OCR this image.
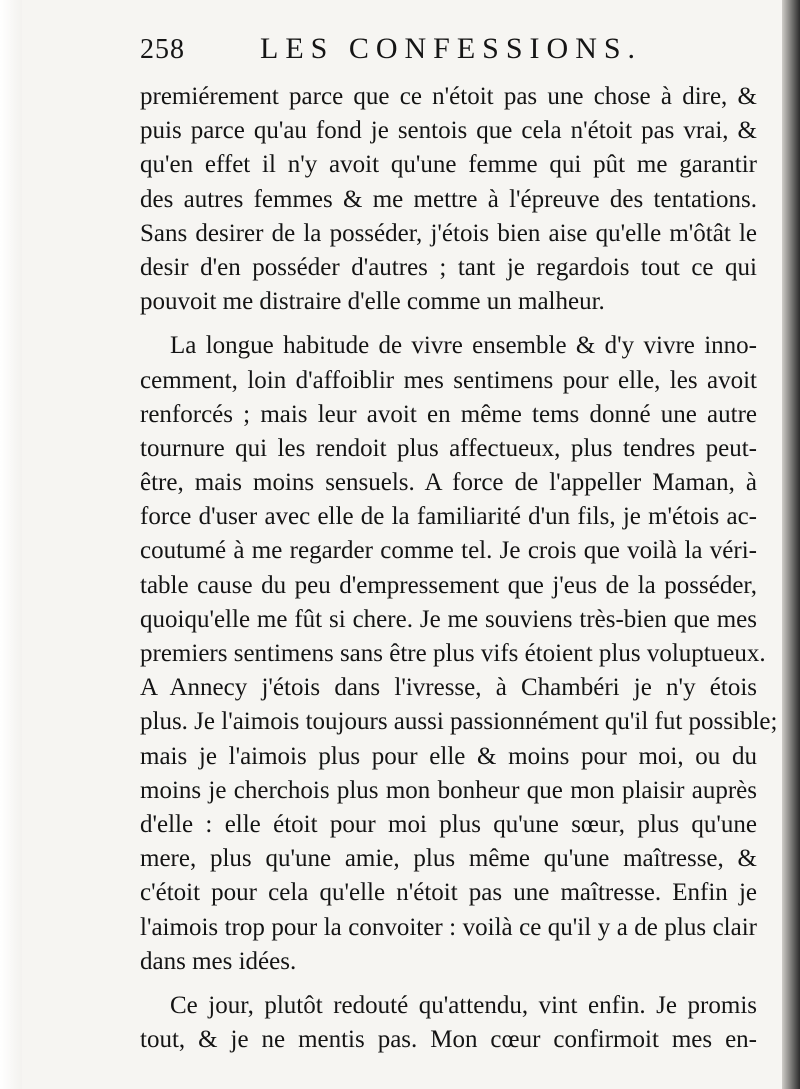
258	LES CONFESSIONS.
premiérement parce que ce n'étoit pas une chose à dire, &
puis parce qu'au fond je sentois que cela n'étoit pas vrai, &
qu'en effet il n'y avoit qu'une femme qui pût me garantir
des autres femmes & me mettre à l'épreuve des tentations.
Sans desirer de la posséder, j'étois bien aise qu'elle m'ôtât le
desir d'en posséder d'autres ; tant je regardois tout ce qui
pouvoit me distraire d'elle comme un malheur.
La longue habitude de vivre ensemble & d'y vivre inno-
cemment, loin d'affoiblir mes sentimens pour elle, les avoit
renforcés ; mais leur avoit en même tems donné une autre
tournure qui les rendoit plus affectueux, plus tendres peut-
être, mais moins sensuels. A force de l'appeller Maman, à
force d'user avec elle de la familiarité d'un fils, je m'étois ac-
coutumé à me regarder comme tel. Je crois que voilà la véri-
table cause du peu d'empressement que j'eus de la posséder,
quoiqu'elle me fût si chere. Je me souviens très-bien que mes
premiers sentimens sans être plus vifs étoient plus voluptueux.
A Annecy j'étois dans l'ivresse, à Chambéri je n'y étois
plus. Je l'aimois toujours aussi passionnément qu'il fut possible;
mais je l'aimois plus pour elle & moins pour moi, ou du
moins je cherchois plus mon bonheur que mon plaisir auprès
d'elle : elle étoit pour moi plus qu'une sœur, plus qu'une
mere, plus qu'une amie, plus même qu'une maîtresse, &
c'étoit pour cela qu'elle n'étoit pas une maîtresse. Enfin je
l'aimois trop pour la convoiter : voilà ce qu'il y a de plus clair
dans mes idées.
Ce jour, plutôt redouté qu'attendu, vint enfin. Je promis
tout, & je ne mentis pas. Mon cœur confirmoit mes en-
